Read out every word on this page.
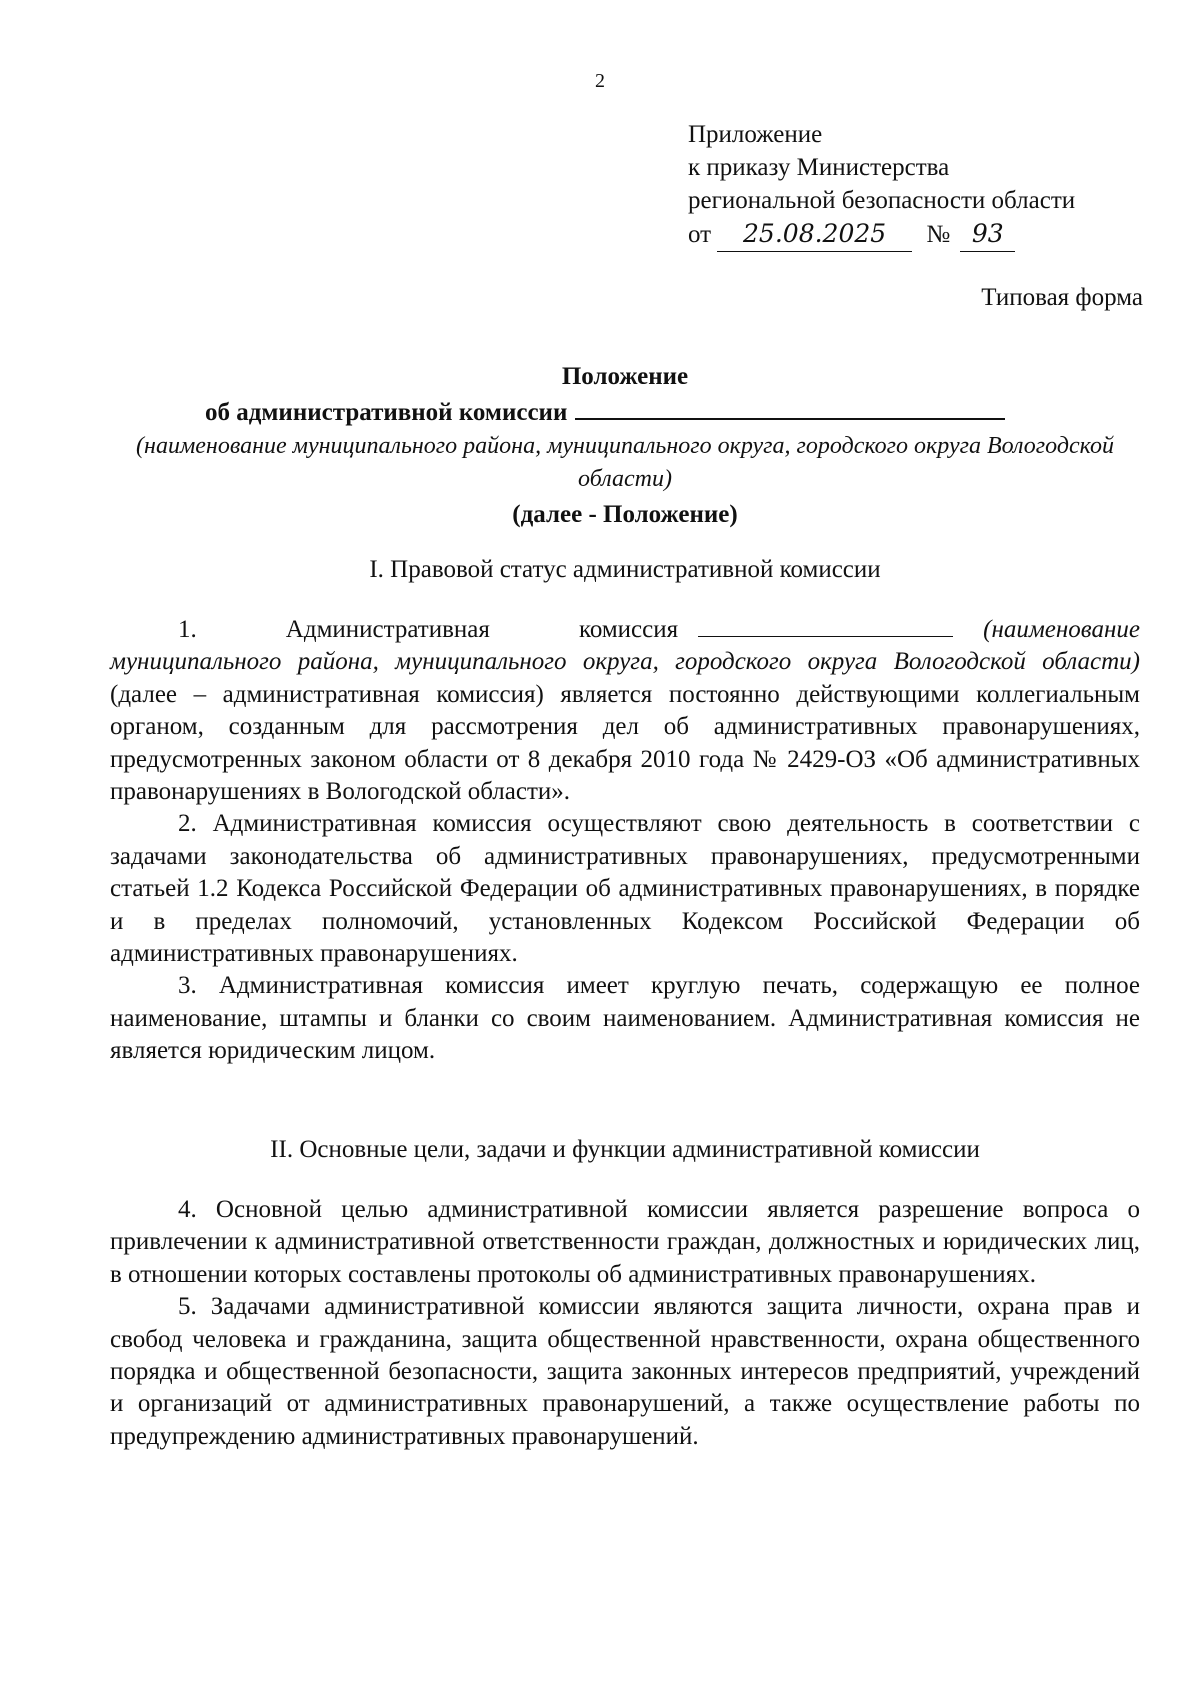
2
Приложение
к приказу Министерства
региональной безопасности области
от 25.08.2025 № 93
Типовая форма
Положение
об административной комиссии
(наименование муниципального района, муниципального округа, городского округа Вологодской области)
(далее - Положение)
I. Правовой статус административной комиссии

1. Административная комиссия	(наименование муниципального района, муниципального округа, городского округа Вологодской области) (далее – административная комиссия) является постоянно действующими коллегиальным органом, созданным для рассмотрения дел об административных правонарушениях, предусмотренных законом области от 8 декабря 2010 года № 2429-ОЗ «Об административных правонарушениях в Вологодской области».

2. Административная комиссия осуществляют свою деятельность в соответствии с задачами законодательства об административных правонарушениях, предусмотренными статьей 1.2 Кодекса Российской Федерации об административных правонарушениях, в порядке и в пределах полномочий, установленных Кодексом Российской Федерации об административных правонарушениях.

3. Административная комиссия имеет круглую печать, содержащую ее полное наименование, штампы и бланки со своим наименованием. Административная комиссия не является юридическим лицом.

II. Основные цели, задачи и функции административной комиссии

4. Основной целью административной комиссии является разрешение вопроса о привлечении к административной ответственности граждан, должностных и юридических лиц, в отношении которых составлены протоколы об административных правонарушениях.

5. Задачами административной комиссии являются защита личности, охрана прав и свобод человека и гражданина, защита общественной нравственности, охрана общественного порядка и общественной безопасности, защита законных интересов предприятий, учреждений и организаций от административных правонарушений, а также осуществление работы по предупреждению административных правонарушений.
